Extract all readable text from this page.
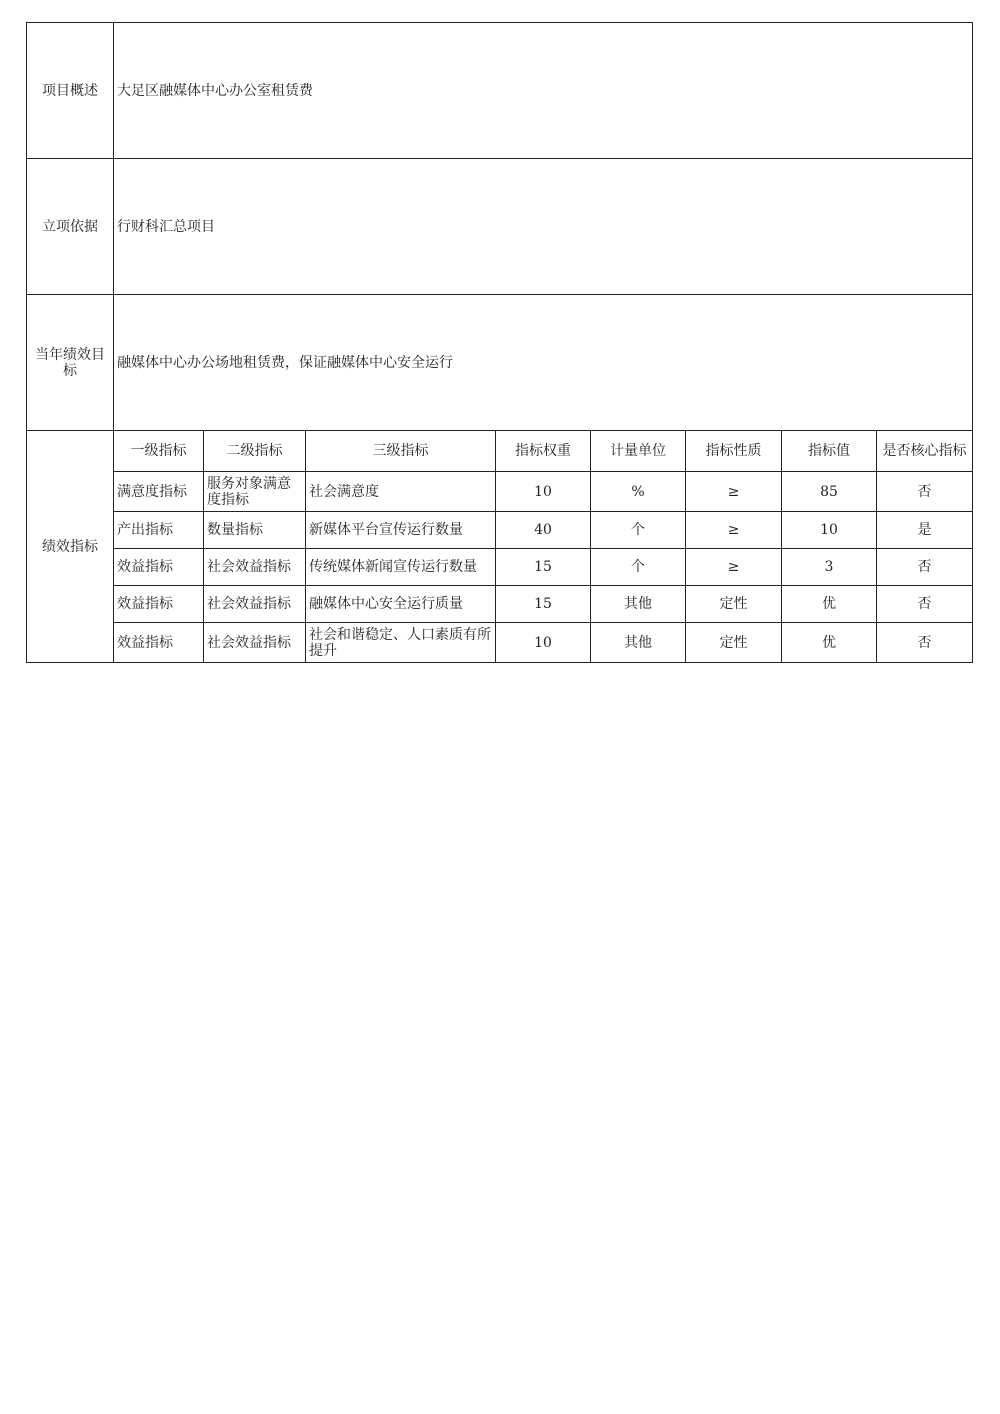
项目概述	大足区融媒体中心办公室租赁费							
立项依据	行财科汇总项目							
当年绩效目标	融媒体中心办公场地租赁费，保证融媒体中心安全运行							
绩效指标	一级指标	二级指标	三级指标	指标权重	计量单位	指标性质	指标值	是否核心指标
	满意度指标	服务对象满意度指标	社会满意度	10	%	≥	85	否
	产出指标	数量指标	新媒体平台宣传运行数量	40	个	≥	10	是
	效益指标	社会效益指标	传统媒体新闻宣传运行数量	15	个	≥	3	否
	效益指标	社会效益指标	融媒体中心安全运行质量	15	其他	定性	优	否
	效益指标	社会效益指标	社会和谐稳定、人口素质有所提升	10	其他	定性	优	否
